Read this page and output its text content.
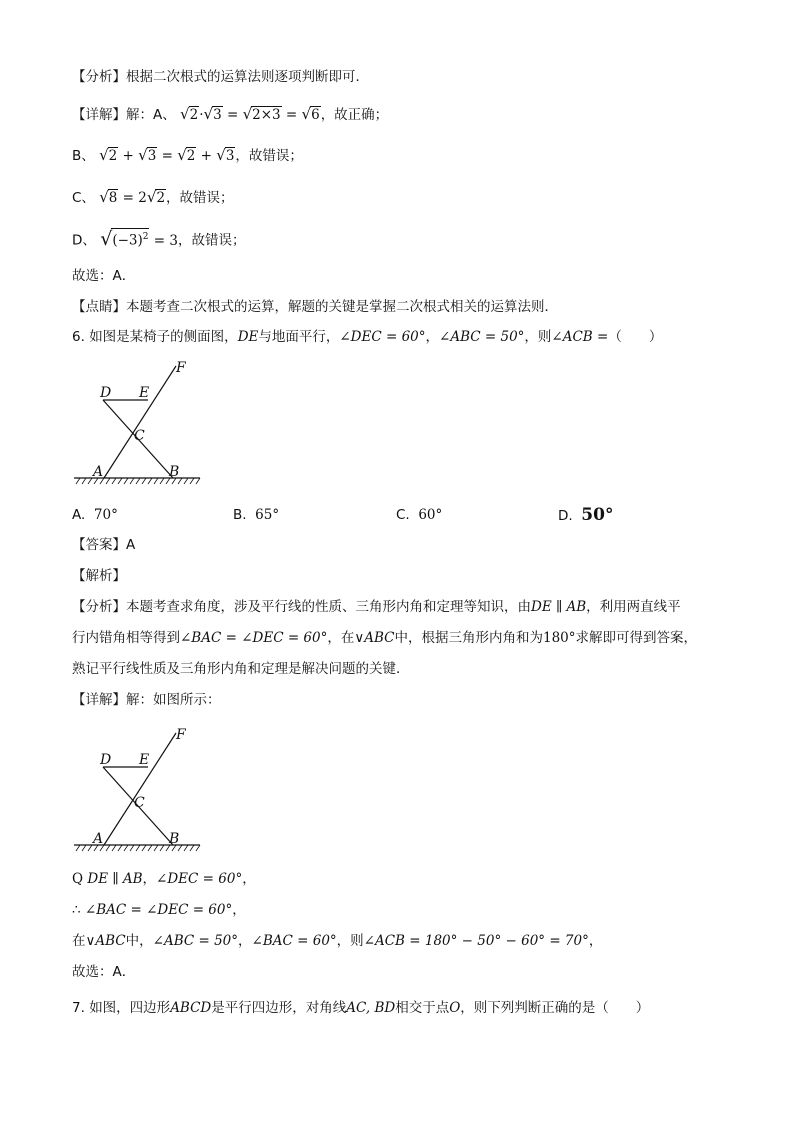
【分析】根据二次根式的运算法则逐项判断即可．
【详解】解：A、 √2·√3 = √2×3 = √6，故正确；
B、 √2 + √3 = √2 + √3，故错误；
C、 √8 = 2√2，故错误；
D、 $√(-3)^2 = 3$，故错误；
故选：A．
【点睛】本题考查二次根式的运算，解题的关键是掌握二次根式相关的运算法则．
6. 如图是某椅子的侧面图，DE与地面平行，∠DEC = 60°，∠ABC = 50°，则∠ACB =（　　）
F
D E
C
A	B
A. 70°	B. 65°	C. 60°	D. 50°
【答案】A
【解析】
【分析】本题考查求角度，涉及平行线的性质、三角形内角和定理等知识，由DE ∥ AB，利用两直线平
行内错角相等得到∠BAC = ∠DEC = 60°，在∨ABC中，根据三角形内角和为180°求解即可得到答案，
熟记平行线性质及三角形内角和定理是解决问题的关键．
【详解】解：如图所示：
F
D E
C
A	B
Q DE ∥ AB，∠DEC = 60°，
∴ ∠BAC = ∠DEC = 60°，
在∨ABC中，∠ABC = 50°，∠BAC = 60°，则∠ACB = 180° − 50° − 60° = 70°，
故选：A．
7. 如图，四边形ABCD是平行四边形，对角线AC, BD相交于点O，则下列判断正确的是（　　）
